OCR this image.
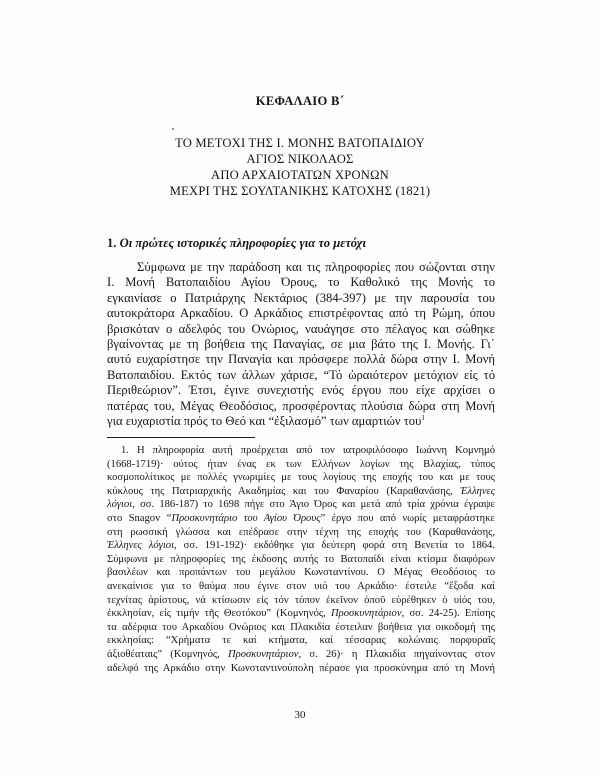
ΚΕΦΑΛΑΙΟ Β΄
ΤΟ ΜΕΤΟΧΙ ΤΗΣ Ι. ΜΟΝΗΣ ΒΑΤΟΠΑΙΔΙΟΥ
ΑΓΙΟΣ ΝΙΚΟΛΑΟΣ
ΑΠΟ ΑΡΧΑΙΟΤΑΤΩΝ ΧΡΟΝΩΝ
ΜΕΧΡΙ ΤΗΣ ΣΟΥΛΤΑΝΙΚΗΣ ΚΑΤΟΧΗΣ (1821)
1. Οι πρώτες ιστορικές πληροφορίες για το μετόχι
Σύμφωνα με την παράδοση και τις πληροφορίες που σώζονται στην
Ι. Μονή Βατοπαιδίου Αγίου Όρους, το Καθολικό της Μονής το
εγκαινίασε ο Πατριάρχης Νεκτάριος (384-397) με την παρουσία του
αυτοκράτορα Αρκαδίου. Ο Αρκάδιος επιστρέφοντας από τη Ρώμη, όπου
βρισκόταν ο αδελφός του Ονώριος, ναυάγησε στο πέλαγος και σώθηκε
βγαίνοντας με τη βοήθεια της Παναγίας, σε μια βάτο της Ι. Μονής. Γι΄
αυτό ευχαρίστησε την Παναγία και πρόσφερε πολλά δώρα στην Ι. Μονή
Βατοπαιδίου. Εκτός των άλλων χάρισε, “Τό ὡραιότερον μετόχιον εἰς τό
Περιθεώριον”. Έτσι, έγινε συνεχιστής ενός έργου που είχε αρχίσει ο
πατέρας του, Μέγας Θεοδόσιος, προσφέροντας πλούσια δώρα στη Μονή
για ευχαριστία πρός το Θεό και “ἐξιλασμό” των αμαρτιών του$^1$
1. Η πληροφορία αυτή προέρχεται από τον ιατροφιλόσοφο Ιωάννη Κομνημό
(1668-1719)· ούτος ήταν ένας εκ των Ελλήνων λογίων της Βλαχίας, τύπος
κοσμοπολίτικος με πολλές γνωριμίες με τους λογίους της εποχής του και με τους
κύκλους της Πατριαρχικής Ακαδημίας και του Φαναρίου (Καραθανάσης, Έλληνες
λόγιοι, σσ. 186-187) το 1698 πήγε στο Άγιο Όρος και μετά από τρία χρόνια έγραψε
στο Snagov “Προσκυνητάριο του Αγίου Όρους” έργο που από νωρίς μεταφράστηκε
στη ρωσσική γλώσσα και επέδρασε στην τέχνη της εποχής του (Καραθανάσης,
Έλληνες λόγιοι, σσ. 191-192)· εκδόθηκε για δεύτερη φορά στη Βενετία το 1864.
Σύμφωνα με πληροφορίες της έκδοσης αυτής το Βατοπαίδι είναι κτίσμα διαφόρων
βασιλέων και προπάντων του μεγάλου Κωνσταντίνου. Ο Μέγας Θεοδόσιος το
ανεκαίνισε για το θαύμα που έγινε στον υιό του Αρκάδιο· έστειλε “ἔξοδα καί
τεχνίτας ἀρίστους, νά κτίσωσιν εἰς τόν τόπον ἐκεῖνον ὁποῦ εὑρέθηκεν ὁ υἱός του,
ἐκκλησίαν, εἰς τιμήν τῆς Θεοτόκου” (Κομνηνός, Προσκυνητάριον, σσ. 24-25). Επίσης
τα αδέρφια του Αρκαδίου Ονώριος και Πλακιδία έστειλαν βοήθεια για οικοδομή της
εκκλησίας: “Χρήματα τε καί κτήματα, καί τέσσαρας κολώναις πορφυραῖς
ἀξιοθέαταις” (Κομνηνός, Προσκυνητάριον, σ. 26)· η Πλακιδία πηγαίνοντας στον
αδελφό της Αρκάδιο στην Κωνσταντινούπολη πέρασε για προσκύνημα από τη Μονή
30
